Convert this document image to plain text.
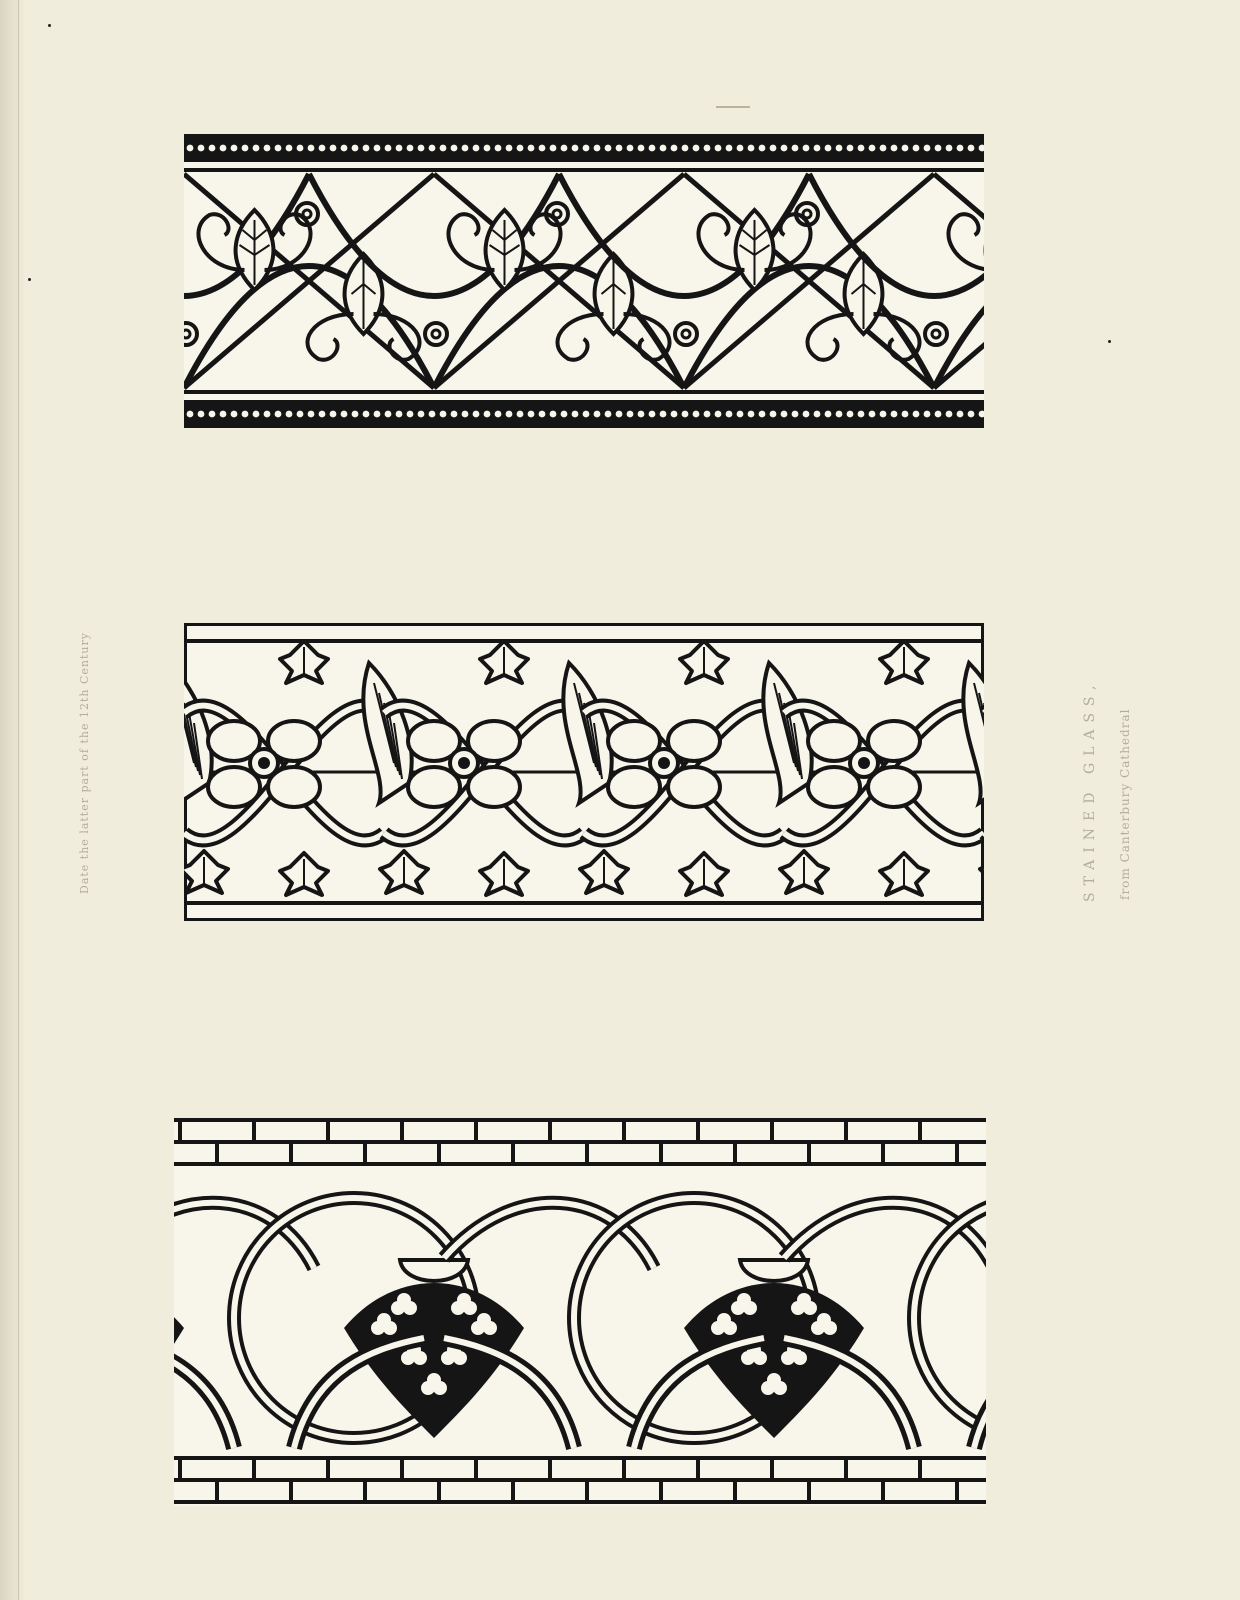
Date the latter part of the 12th Century	STAINED GLASS, from Canterbury Cathedral
